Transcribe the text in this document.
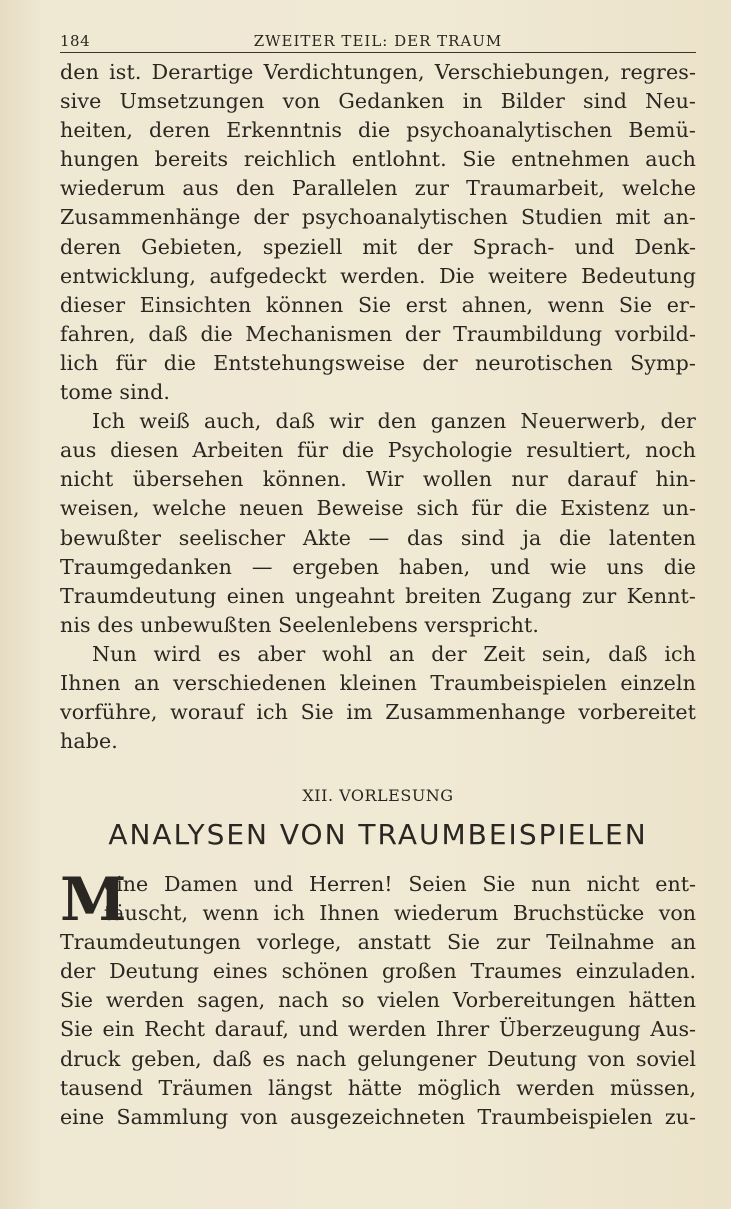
184	ZWEITER TEIL: DER TRAUM
den ist. Derartige Verdichtungen, Verschiebungen, regres-
sive Umsetzungen von Gedanken in Bilder sind Neu-
heiten, deren Erkenntnis die psychoanalytischen Bemü-
hungen bereits reichlich entlohnt. Sie entnehmen auch
wiederum aus den Parallelen zur Traumarbeit, welche
Zusammenhänge der psychoanalytischen Studien mit an-
deren Gebieten, speziell mit der Sprach- und Denk-
entwicklung, aufgedeckt werden. Die weitere Bedeutung
dieser Einsichten können Sie erst ahnen, wenn Sie er-
fahren, daß die Mechanismen der Traumbildung vorbild-
lich für die Entstehungsweise der neurotischen Symp-
tome sind.
Ich weiß auch, daß wir den ganzen Neuerwerb, der
aus diesen Arbeiten für die Psychologie resultiert, noch
nicht übersehen können. Wir wollen nur darauf hin-
weisen, welche neuen Beweise sich für die Existenz un-
bewußter seelischer Akte — das sind ja die latenten
Traumgedanken — ergeben haben, und wie uns die
Traumdeutung einen ungeahnt breiten Zugang zur Kennt-
nis des unbewußten Seelenlebens verspricht.
Nun wird es aber wohl an der Zeit sein, daß ich
Ihnen an verschiedenen kleinen Traumbeispielen einzeln
vorführe, worauf ich Sie im Zusammenhange vorbereitet
habe.
XII. VORLESUNG
ANALYSEN VON TRAUMBEISPIELEN
M
eine Damen und Herren! Seien Sie nun nicht ent-
täuscht, wenn ich Ihnen wiederum Bruchstücke von
Traumdeutungen vorlege, anstatt Sie zur Teilnahme an
der Deutung eines schönen großen Traumes einzuladen.
Sie werden sagen, nach so vielen Vorbereitungen hätten
Sie ein Recht darauf, und werden Ihrer Überzeugung Aus-
druck geben, daß es nach gelungener Deutung von soviel
tausend Träumen längst hätte möglich werden müssen,
eine Sammlung von ausgezeichneten Traumbeispielen zu-
